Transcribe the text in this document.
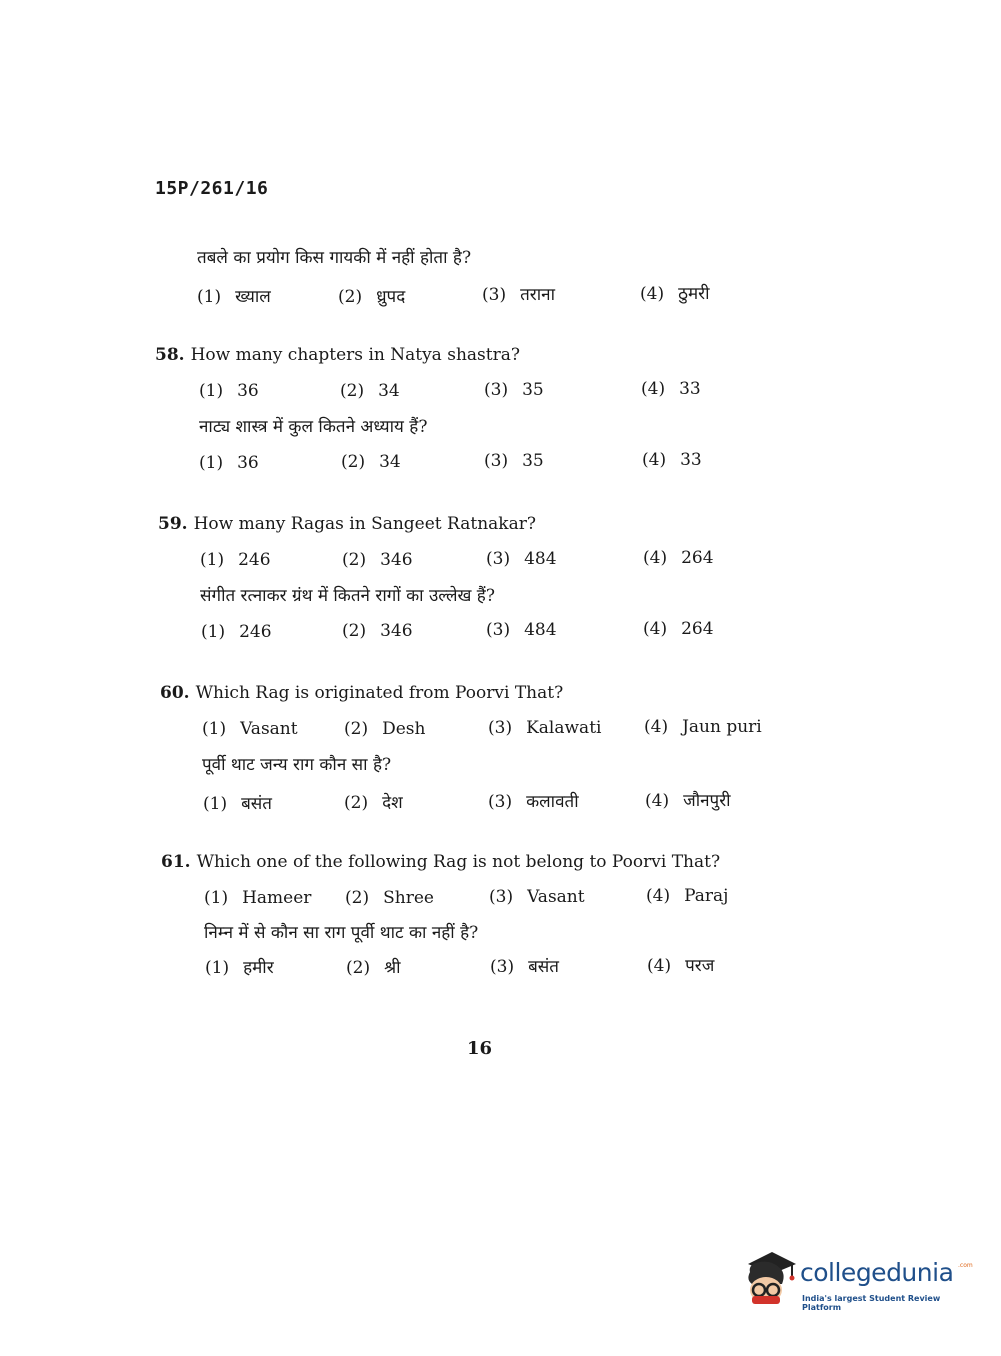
15P/261/16
तबले का प्रयोग किस गायकी में नहीं होता है?
(1) ख्याल	(2) ध्रुपद	(3) तराना	(4) ठुमरी
58. How many chapters in Natya shastra?
(1) 36	(2) 34	(3) 35	(4) 33
नाट्य शास्त्र में कुल कितने अध्याय हैं?
(1) 36	(2) 34	(3) 35	(4) 33
59. How many Ragas in Sangeet Ratnakar?
(1) 246	(2) 346	(3) 484	(4) 264
संगीत रत्नाकर ग्रंथ में कितने रागों का उल्लेख हैं?
(1) 246	(2) 346	(3) 484	(4) 264
60. Which Rag is originated from Poorvi That?
(1) Vasant	(2) Desh	(3) Kalawati	(4) Jaun puri
पूर्वी थाट जन्य राग कौन सा है?
(1) बसंत	(2) देश	(3) कलावती	(4) जौनपुरी
61. Which one of the following Rag is not belong to Poorvi That?
(1) Hameer (2) Shree	(3) Vasant	(4) Paraj
निम्न में से कौन सा राग पूर्वी थाट का नहीं है?
(1) हमीर	(2) श्री	(3) बसंत	(4) परज
16
collegedunia .com
India's largest Student Review Platform
